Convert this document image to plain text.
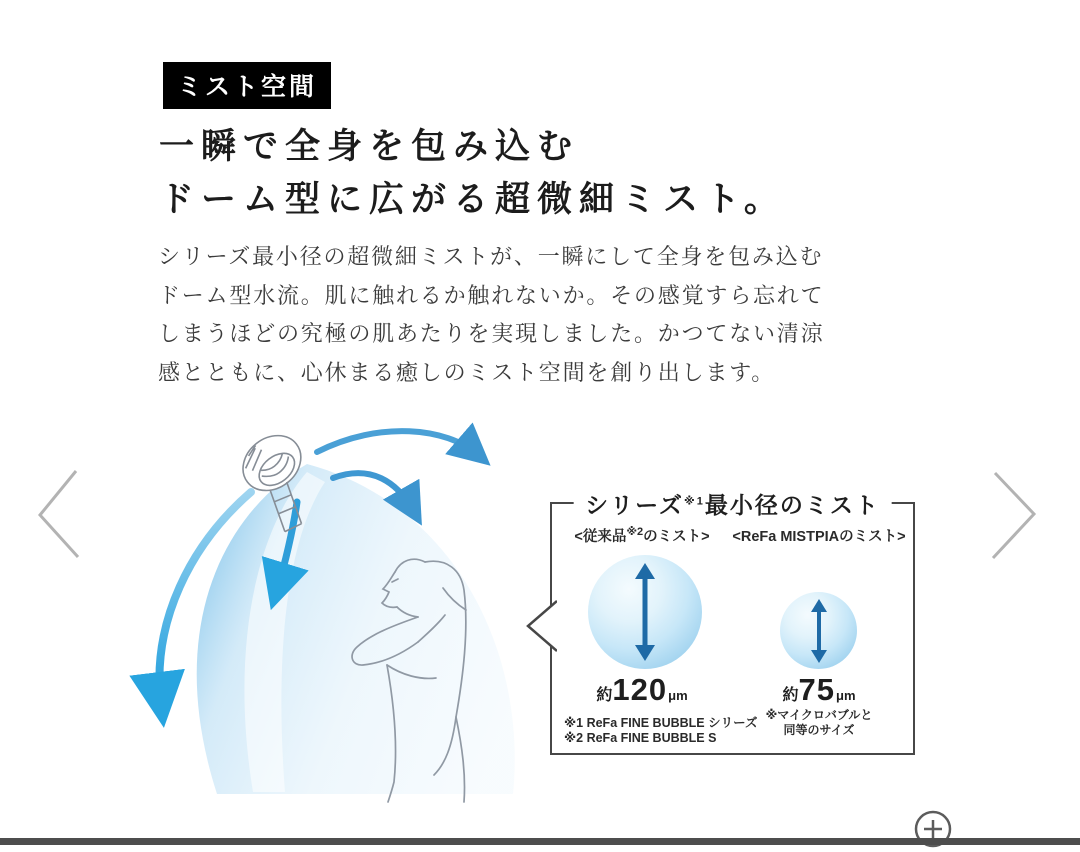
ミスト空間
一瞬で全身を包み込む
ドーム型に広がる超微細ミスト。
シリーズ最小径の超微細ミストが、一瞬にして全身を包み込む
ドーム型水流。肌に触れるか触れないか。その感覚すら忘れて
しまうほどの究極の肌あたりを実現しました。かつてない清涼
感とともに、心休まる癒しのミスト空間を創り出します。
シリーズ$^{※1}$最小径のミスト
<従来品$^{※2}$のミスト>	<ReFa MISTPIAのミスト>
約 120 μm	約 75 μm
※マイクロバブルと
同等のサイズ
※1 ReFa FINE BUBBLE シリーズ
※2 ReFa FINE BUBBLE S
